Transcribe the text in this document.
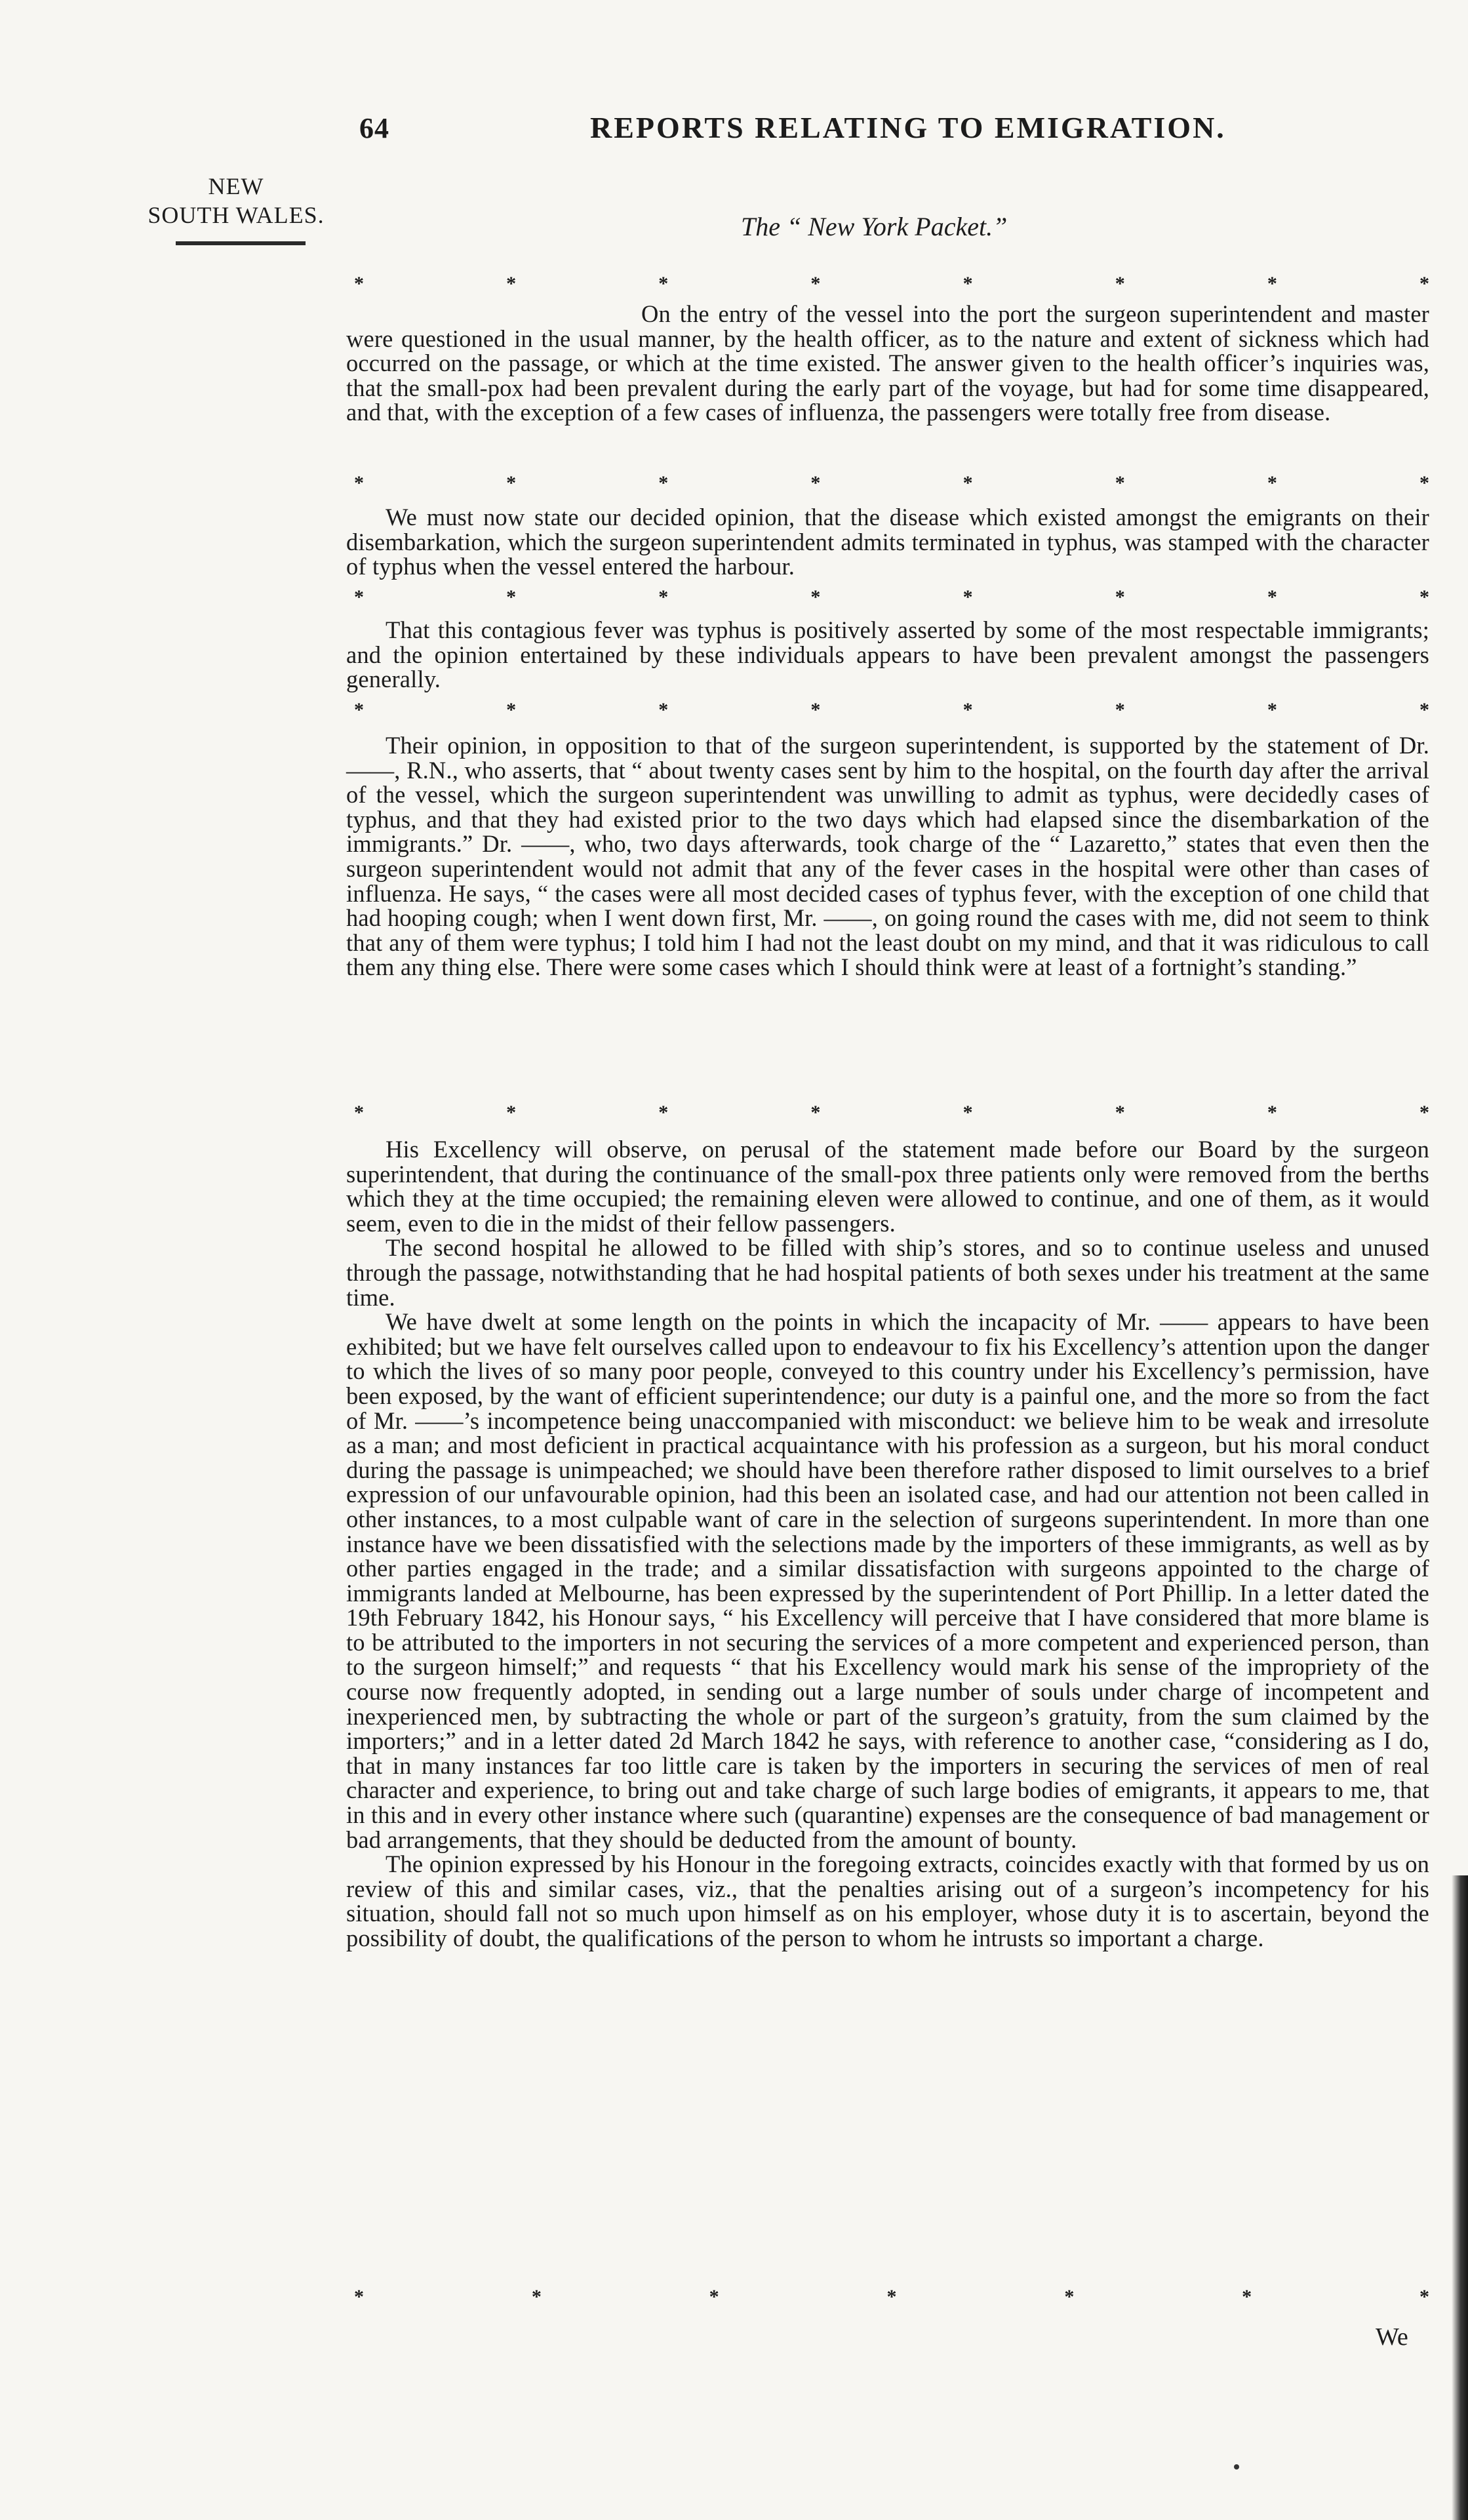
64	REPORTS RELATING TO EMIGRATION.
NEW
SOUTH WALES.	The “ New York Packet.”
*	*	*	*	*	*	*	*

On the entry of the vessel into the port the surgeon superintendent and master were questioned in the usual manner, by the health officer, as to the nature and extent of sickness which had occurred on the passage, or which at the time existed. The answer given to the health officer’s inquiries was, that the small-pox had been prevalent during the early part of the voyage, but had for some time disappeared, and that, with the exception of a few cases of influenza, the passengers were totally free from disease.

*	*	*	*	*	*	*	*

We must now state our decided opinion, that the disease which existed amongst the emigrants on their disembarkation, which the surgeon superintendent admits terminated in typhus, was stamped with the character of typhus when the vessel entered the harbour.

*	*	*	*	*	*	*	*

That this contagious fever was typhus is positively asserted by some of the most respectable immigrants; and the opinion entertained by these individuals appears to have been prevalent amongst the passengers generally.

*	*	*	*	*	*	*	*

Their opinion, in opposition to that of the surgeon superintendent, is supported by the statement of Dr. ——, R.N., who asserts, that “ about twenty cases sent by him to the hospital, on the fourth day after the arrival of the vessel, which the surgeon superintendent was unwilling to admit as typhus, were decidedly cases of typhus, and that they had existed prior to the two days which had elapsed since the disembarkation of the immigrants.” Dr. ——, who, two days afterwards, took charge of the “ Lazaretto,” states that even then the surgeon superintendent would not admit that any of the fever cases in the hospital were other than cases of influenza. He says, “ the cases were all most decided cases of typhus fever, with the exception of one child that had hooping cough; when I went down first, Mr. ——, on going round the cases with me, did not seem to think that any of them were typhus; I told him I had not the least doubt on my mind, and that it was ridiculous to call them any thing else. There were some cases which I should think were at least of a fortnight’s standing.”

*	*	*	*	*	*	*	*

His Excellency will observe, on perusal of the statement made before our Board by the surgeon superintendent, that during the continuance of the small-pox three patients only were removed from the berths which they at the time occupied; the remaining eleven were allowed to continue, and one of them, as it would seem, even to die in the midst of their fellow passengers.

The second hospital he allowed to be filled with ship’s stores, and so to continue useless and unused through the passage, notwithstanding that he had hospital patients of both sexes under his treatment at the same time.

We have dwelt at some length on the points in which the incapacity of Mr. —— appears to have been exhibited; but we have felt ourselves called upon to endeavour to fix his Excellency’s attention upon the danger to which the lives of so many poor people, conveyed to this country under his Excellency’s permission, have been exposed, by the want of efficient superintendence; our duty is a painful one, and the more so from the fact of Mr. ——’s incompetence being unaccompanied with misconduct: we believe him to be weak and irresolute as a man; and most deficient in practical acquaintance with his profession as a surgeon, but his moral conduct during the passage is unimpeached; we should have been therefore rather disposed to limit ourselves to a brief expression of our unfavourable opinion, had this been an isolated case, and had our attention not been called in other instances, to a most culpable want of care in the selection of surgeons superintendent. In more than one instance have we been dissatisfied with the selections made by the importers of these immigrants, as well as by other parties engaged in the trade; and a similar dissatisfaction with surgeons appointed to the charge of immigrants landed at Melbourne, has been expressed by the superintendent of Port Phillip. In a letter dated the 19th February 1842, his Honour says, “ his Excellency will perceive that I have considered that more blame is to be attributed to the importers in not securing the services of a more competent and experienced person, than to the surgeon himself;” and requests “ that his Excellency would mark his sense of the impropriety of the course now frequently adopted, in sending out a large number of souls under charge of incompetent and inexperienced men, by subtracting the whole or part of the surgeon’s gratuity, from the sum claimed by the importers;” and in a letter dated 2d March 1842 he says, with reference to another case, “considering as I do, that in many instances far too little care is taken by the importers in securing the services of men of real character and experience, to bring out and take charge of such large bodies of emigrants, it appears to me, that in this and in every other instance where such (quarantine) expenses are the consequence of bad management or bad arrangements, that they should be deducted from the amount of bounty.

The opinion expressed by his Honour in the foregoing extracts, coincides exactly with that formed by us on review of this and similar cases, viz., that the penalties arising out of a surgeon’s incompetency for his situation, should fall not so much upon himself as on his employer, whose duty it is to ascertain, beyond the possibility of doubt, the qualifications of the person to whom he intrusts so important a charge.

*	*	*	*	*	*	*
We
